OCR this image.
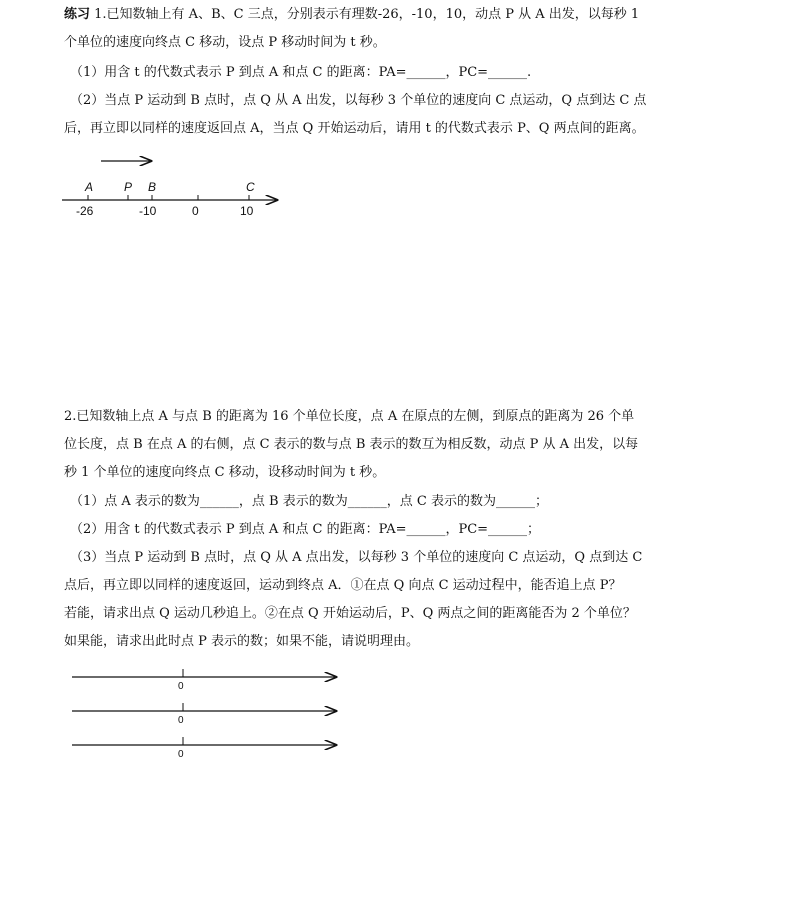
练习 1.已知数轴上有 A、B、C 三点，分别表示有理数-26，-10，10，动点 P 从 A 出发，以每秒 1
个单位的速度向终点 C 移动，设点 P 移动时间为 t 秒。
（1）用含 t 的代数式表示 P 到点 A 和点 C 的距离：PA=______，PC=______.
（2）当点 P 运动到 B 点时，点 Q 从 A 出发，以每秒 3 个单位的速度向 C 点运动，Q 点到达 C 点
后，再立即以同样的速度返回点 A，当点 Q 开始运动后，请用 t 的代数式表示 P、Q 两点间的距离。
2.已知数轴上点 A 与点 B 的距离为 16 个单位长度，点 A 在原点的左侧，到原点的距离为 26 个单
位长度，点 B 在点 A 的右侧，点 C 表示的数与点 B 表示的数互为相反数，动点 P 从 A 出发，以每
秒 1 个单位的速度向终点 C 移动，设移动时间为 t 秒。
（1）点 A 表示的数为______，点 B 表示的数为______，点 C 表示的数为______；
（2）用含 t 的代数式表示 P 到点 A 和点 C 的距离：PA=______，PC=______；
（3）当点 P 运动到 B 点时，点 Q 从 A 点出发，以每秒 3 个单位的速度向 C 点运动，Q 点到达 C
点后，再立即以同样的速度返回，运动到终点 A．①在点 Q 向点 C 运动过程中，能否追上点 P？
若能，请求出点 Q 运动几秒追上。②在点 Q 开始运动后，P、Q 两点之间的距离能否为 2 个单位？
如果能，请求出此时点 P 表示的数；如果不能，请说明理由。
A	P B	C
-26	-10	0	10
0
0
0
